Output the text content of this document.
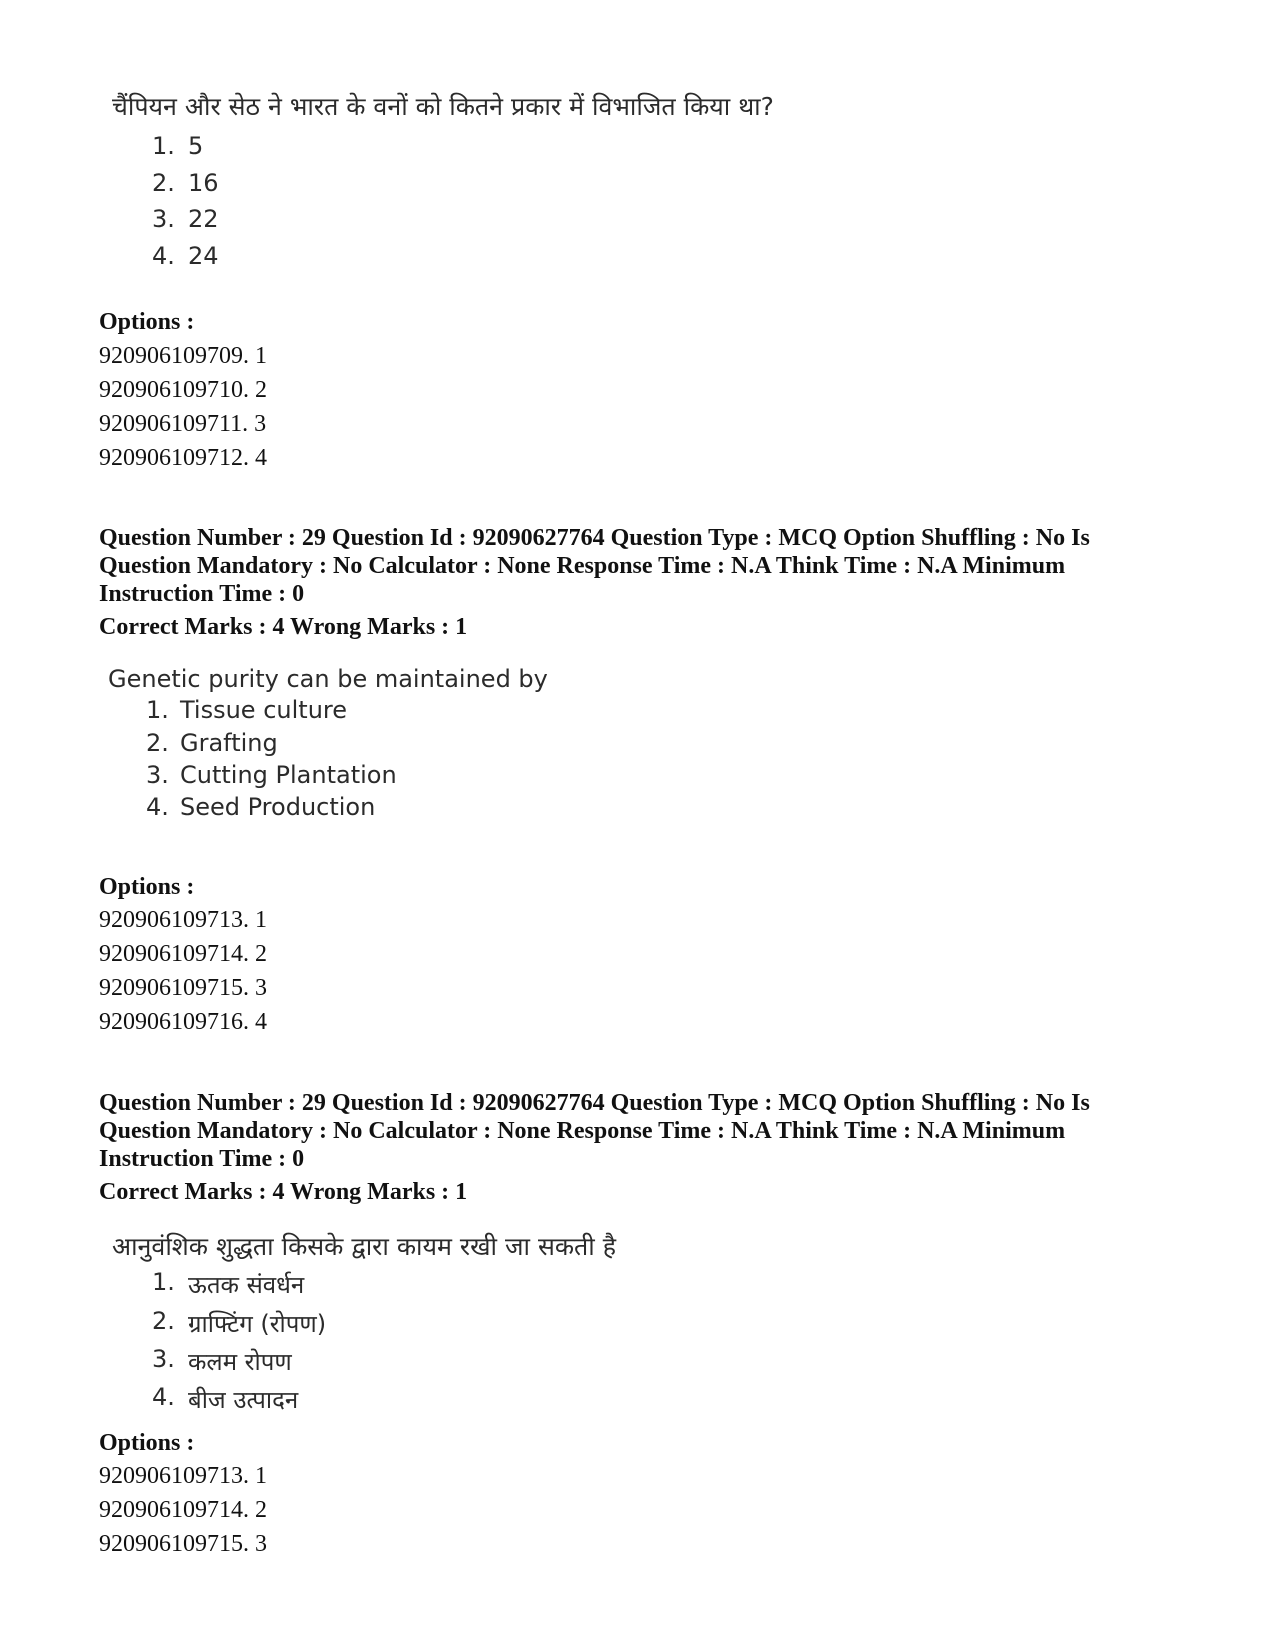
चैंपियन और सेठ ने भारत के वनों को कितने प्रकार में विभाजित किया था?
1. 5
2. 16
3. 22
4. 24
Options :
920906109709. 1
920906109710. 2
920906109711. 3
920906109712. 4
Question Number : 29 Question Id : 92090627764 Question Type : MCQ Option Shuffling : No Is
Question Mandatory : No Calculator : None Response Time : N.A Think Time : N.A Minimum
Instruction Time : 0
Correct Marks : 4 Wrong Marks : 1
Genetic purity can be maintained by
1. Tissue culture
2. Grafting
3. Cutting Plantation
4. Seed Production
Options :
920906109713. 1
920906109714. 2
920906109715. 3
920906109716. 4
Question Number : 29 Question Id : 92090627764 Question Type : MCQ Option Shuffling : No Is
Question Mandatory : No Calculator : None Response Time : N.A Think Time : N.A Minimum
Instruction Time : 0
Correct Marks : 4 Wrong Marks : 1
आनुवंशिक शुद्धता किसके द्वारा कायम रखी जा सकती है
1. ऊतक संवर्धन
2. ग्राफ्टिंग (रोपण)
3. कलम रोपण
4. बीज उत्पादन
Options :
920906109713. 1
920906109714. 2
920906109715. 3
